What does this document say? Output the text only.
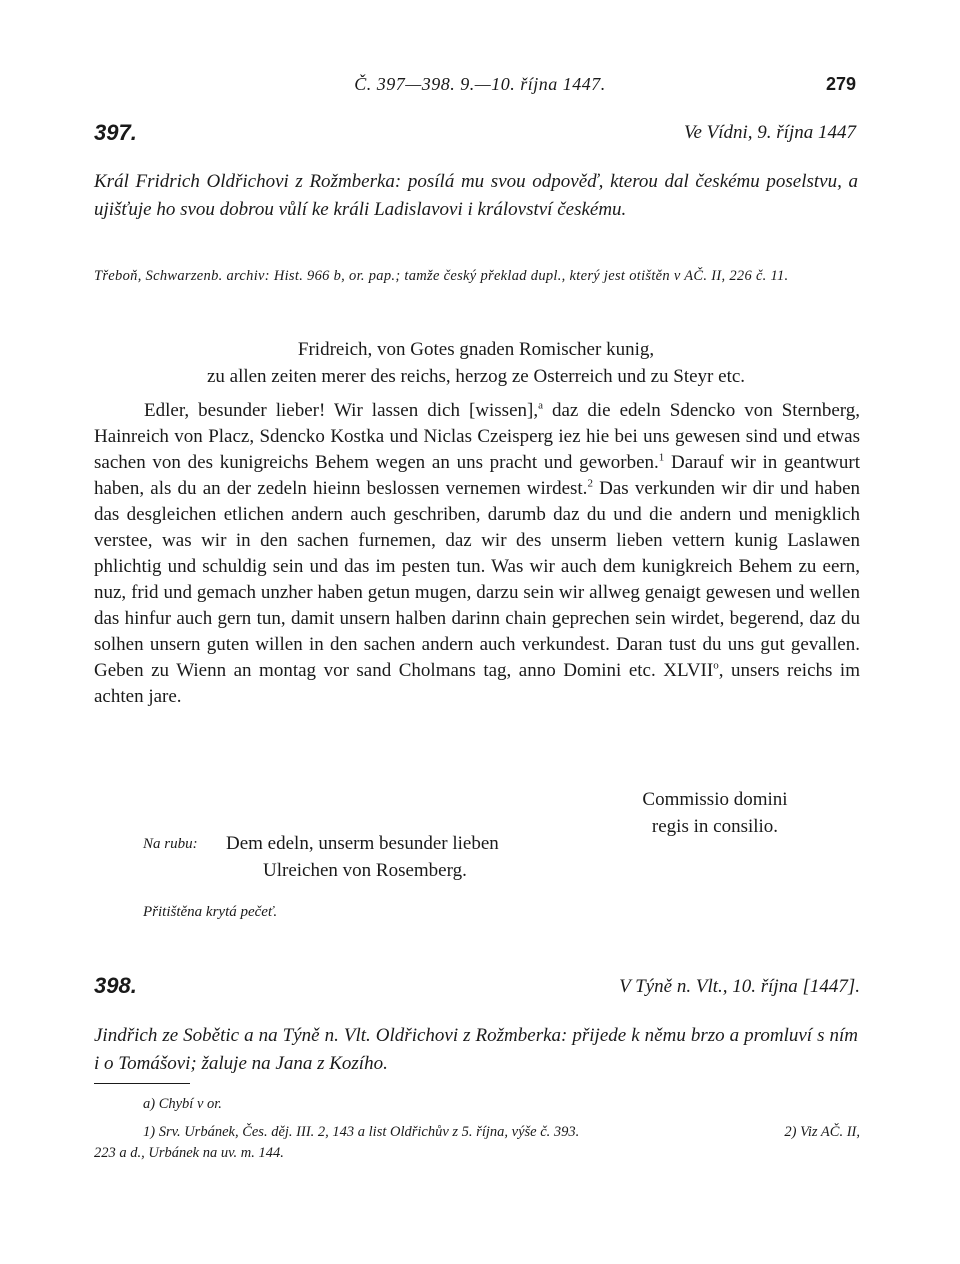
Č. 397—398. 9.—10. října 1447.	279
397.	Ve Vídni, 9. října 1447
Král Fridrich Oldřichovi z Rožmberka: posílá mu svou odpověď, kterou dal českému poselstvu, a ujišťuje ho svou dobrou vůlí ke králi Ladislavovi i království českému.
Třeboň, Schwarzenb. archiv: Hist. 966 b, or. pap.; tamže český překlad dupl., který jest otištěn v AČ. II, 226 č. 11.
Fridreich, von Gotes gnaden Romischer kunig,
zu allen zeiten merer des reichs, herzog ze Osterreich und zu Steyr etc.

Edler, besunder lieber! Wir lassen dich [wissen],$^a$ daz die edeln Sdencko von Sternberg, Hainreich von Placz, Sdencko Kostka und Niclas Czeisperg iez hie bei uns gewesen sind und etwas sachen von des kunigreichs Behem wegen an uns pracht und geworben.$^1$ Darauf wir in geantwurt haben, als du an der zedeln hieinn beslossen vernemen wirdest.$^2$ Das verkunden wir dir und haben das desgleichen etlichen andern auch geschriben, darumb daz du und die andern und menigklich verstee, was wir in den sachen furnemen, daz wir des unserm lieben vettern kunig Laslawen phlichtig und schuldig sein und das im pesten tun. Was wir auch dem kunigkreich Behem zu eern, nuz, frid und gemach unzher haben getun mugen, darzu sein wir allweg genaigt gewesen und wellen das hinfur auch gern tun, damit unsern halben darinn chain geprechen sein wirdet, begerend, daz du solhen unsern guten willen in den sachen andern auch verkundest. Daran tust du uns gut gevallen. Geben zu Wienn an montag vor sand Cholmans tag, anno Domini etc. XLVII$^o$, unsers reichs im achten jare.

Commissio domini
regis in consilio.
Na rubu: Dem edeln, unserm besunder lieben
Ulreichen von Rosemberg.
Přitištěna krytá pečeť.
398.	V Týně n. Vlt., 10. října [1447].
Jindřich ze Sobětic a na Týně n. Vlt. Oldřichovi z Rožmberka: přijede k němu brzo a promluví s ním i o Tomášovi; žaluje na Jana z Kozího.
a) Chybí v or.
1) Srv. Urbánek, Čes. děj. III. 2, 143 a list Oldřichův z 5. října, výše č. 393.	2) Viz AČ. II,
223 a d., Urbánek na uv. m. 144.
